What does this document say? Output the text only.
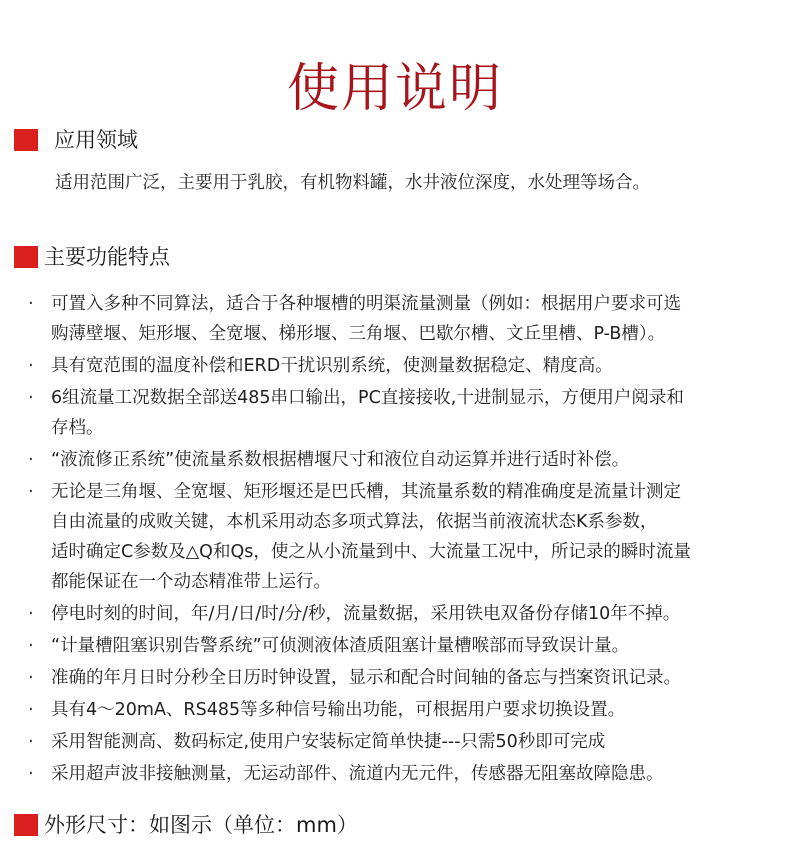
使用说明
应用领域
适用范围广泛，主要用于乳胶，有机物料罐，水井液位深度，水处理等场合。
主要功能特点
· 可置入多种不同算法，适合于各种堰槽的明渠流量测量（例如：根据用户要求可选
购薄壁堰、矩形堰、全宽堰、梯形堰、三角堰、巴歇尔槽、文丘里槽、P-B槽）。
· 具有宽范围的温度补偿和ERD干扰识别系统，使测量数据稳定、精度高。
· 6组流量工况数据全部送485串口输出，PC直接接收,十进制显示，方便用户阅录和
存档。
· “液流修正系统”使流量系数根据槽堰尺寸和液位自动运算并进行适时补偿。
· 无论是三角堰、全宽堰、矩形堰还是巴氏槽，其流量系数的精准确度是流量计测定
自由流量的成败关键，本机采用动态多项式算法，依据当前液流状态K系参数，
适时确定C参数及△Q和Qs，使之从小流量到中、大流量工况中，所记录的瞬时流量
都能保证在一个动态精准带上运行。
· 停电时刻的时间，年/月/日/时/分/秒，流量数据，采用铁电双备份存储10年不掉。
· “计量槽阻塞识别告警系统”可侦测液体渣质阻塞计量槽喉部而导致误计量。
· 准确的年月日时分秒全日历时钟设置，显示和配合时间轴的备忘与挡案资讯记录。
· 具有4～20mA、RS485等多种信号输出功能，可根据用户要求切换设置。
· 采用智能测高、数码标定,使用户安装标定简单快捷---只需50秒即可完成
· 采用超声波非接触测量，无运动部件、流道内无元件，传感器无阻塞故障隐患。
外形尺寸：如图示（单位：mm）
